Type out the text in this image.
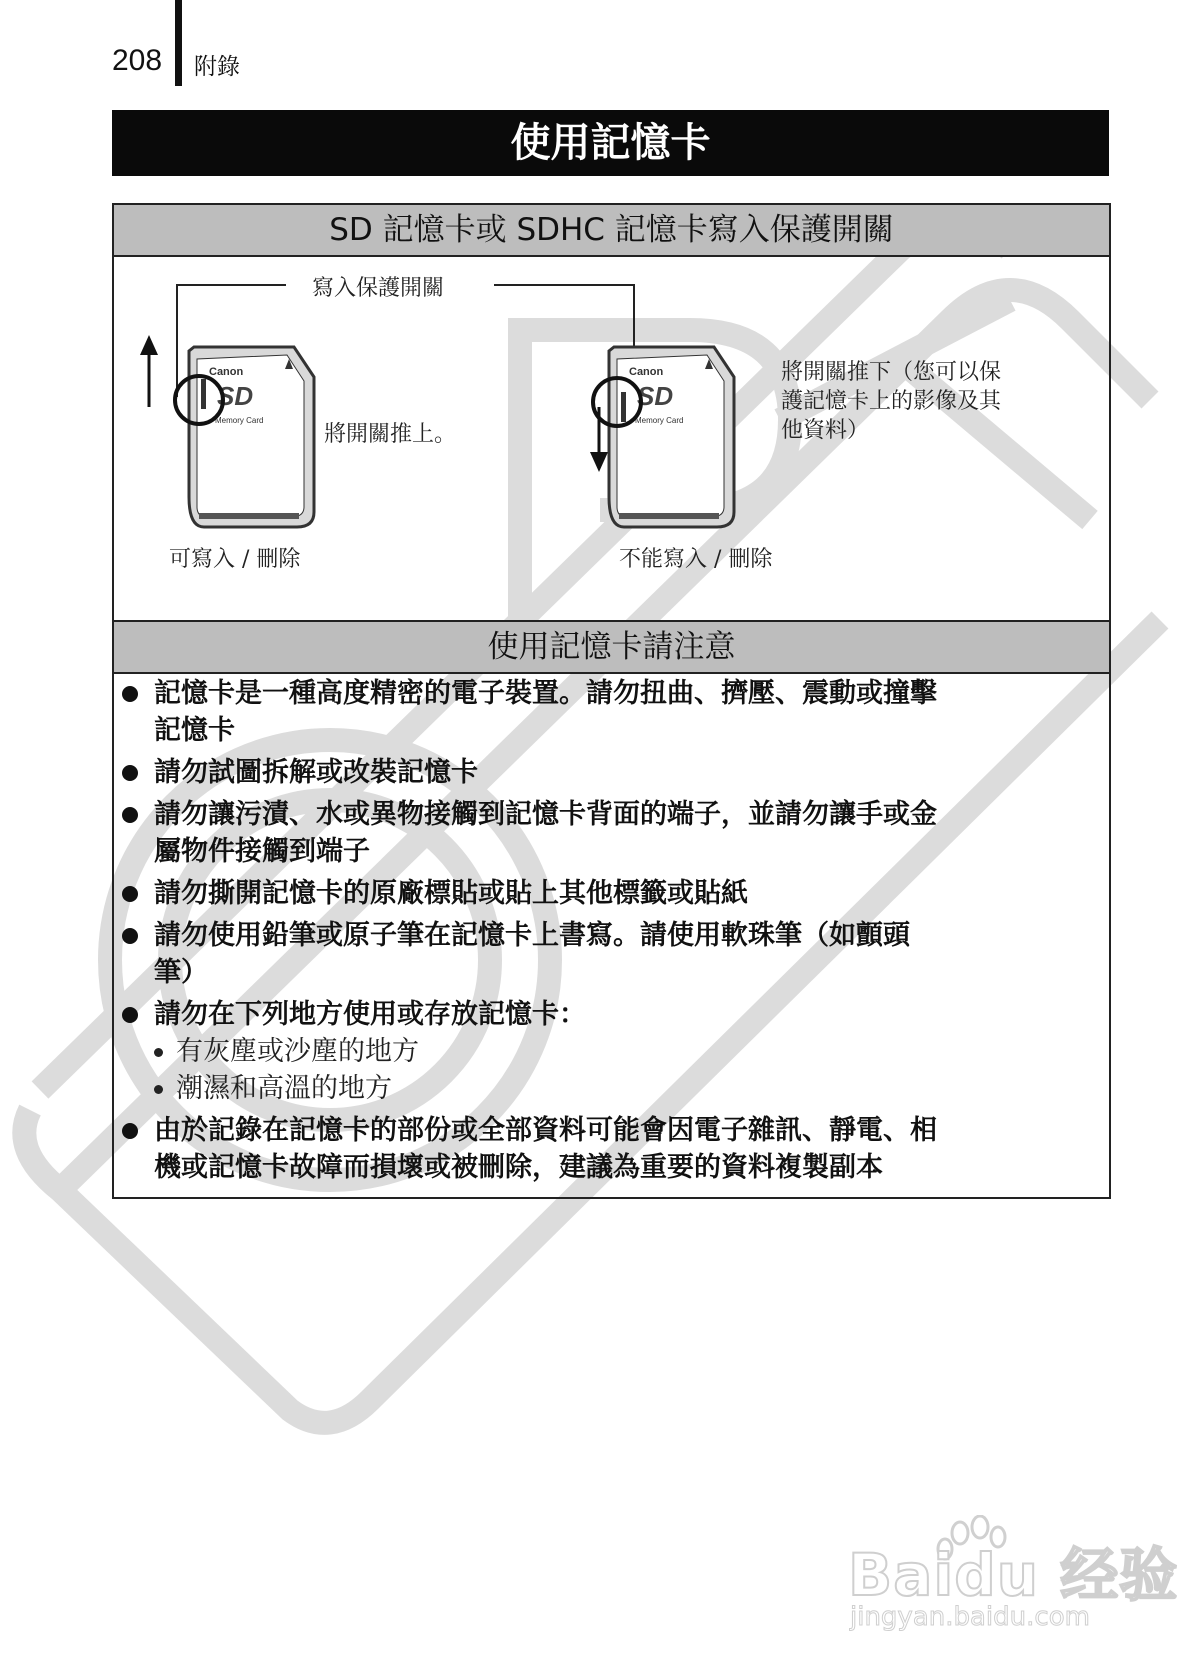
208 附錄
使用記憶卡
SD 記憶卡或 SDHC 記憶卡寫入保護開關
Canon
SD
Memory Card
Canon
SD
Memory Card
寫入保護開關
將開關推上。
將開關推下（您可以保
護記憶卡上的影像及其
他資料）
可寫入 / 刪除	不能寫入 / 刪除
使用記憶卡請注意
記憶卡是一種高度精密的電子裝置。請勿扭曲、擠壓、震動或撞擊
記憶卡
請勿試圖拆解或改裝記憶卡
請勿讓污漬、水或異物接觸到記憶卡背面的端子，並請勿讓手或金
屬物件接觸到端子
請勿撕開記憶卡的原廠標貼或貼上其他標籤或貼紙
請勿使用鉛筆或原子筆在記憶卡上書寫。請使用軟珠筆（如顫頭
筆）
請勿在下列地方使用或存放記憶卡：
有灰塵或沙塵的地方
潮濕和高溫的地方
由於記錄在記憶卡的部份或全部資料可能會因電子雜訊、靜電、相
機或記憶卡故障而損壞或被刪除，建議為重要的資料複製副本
Baidu 经验
jingyan.baidu.com
